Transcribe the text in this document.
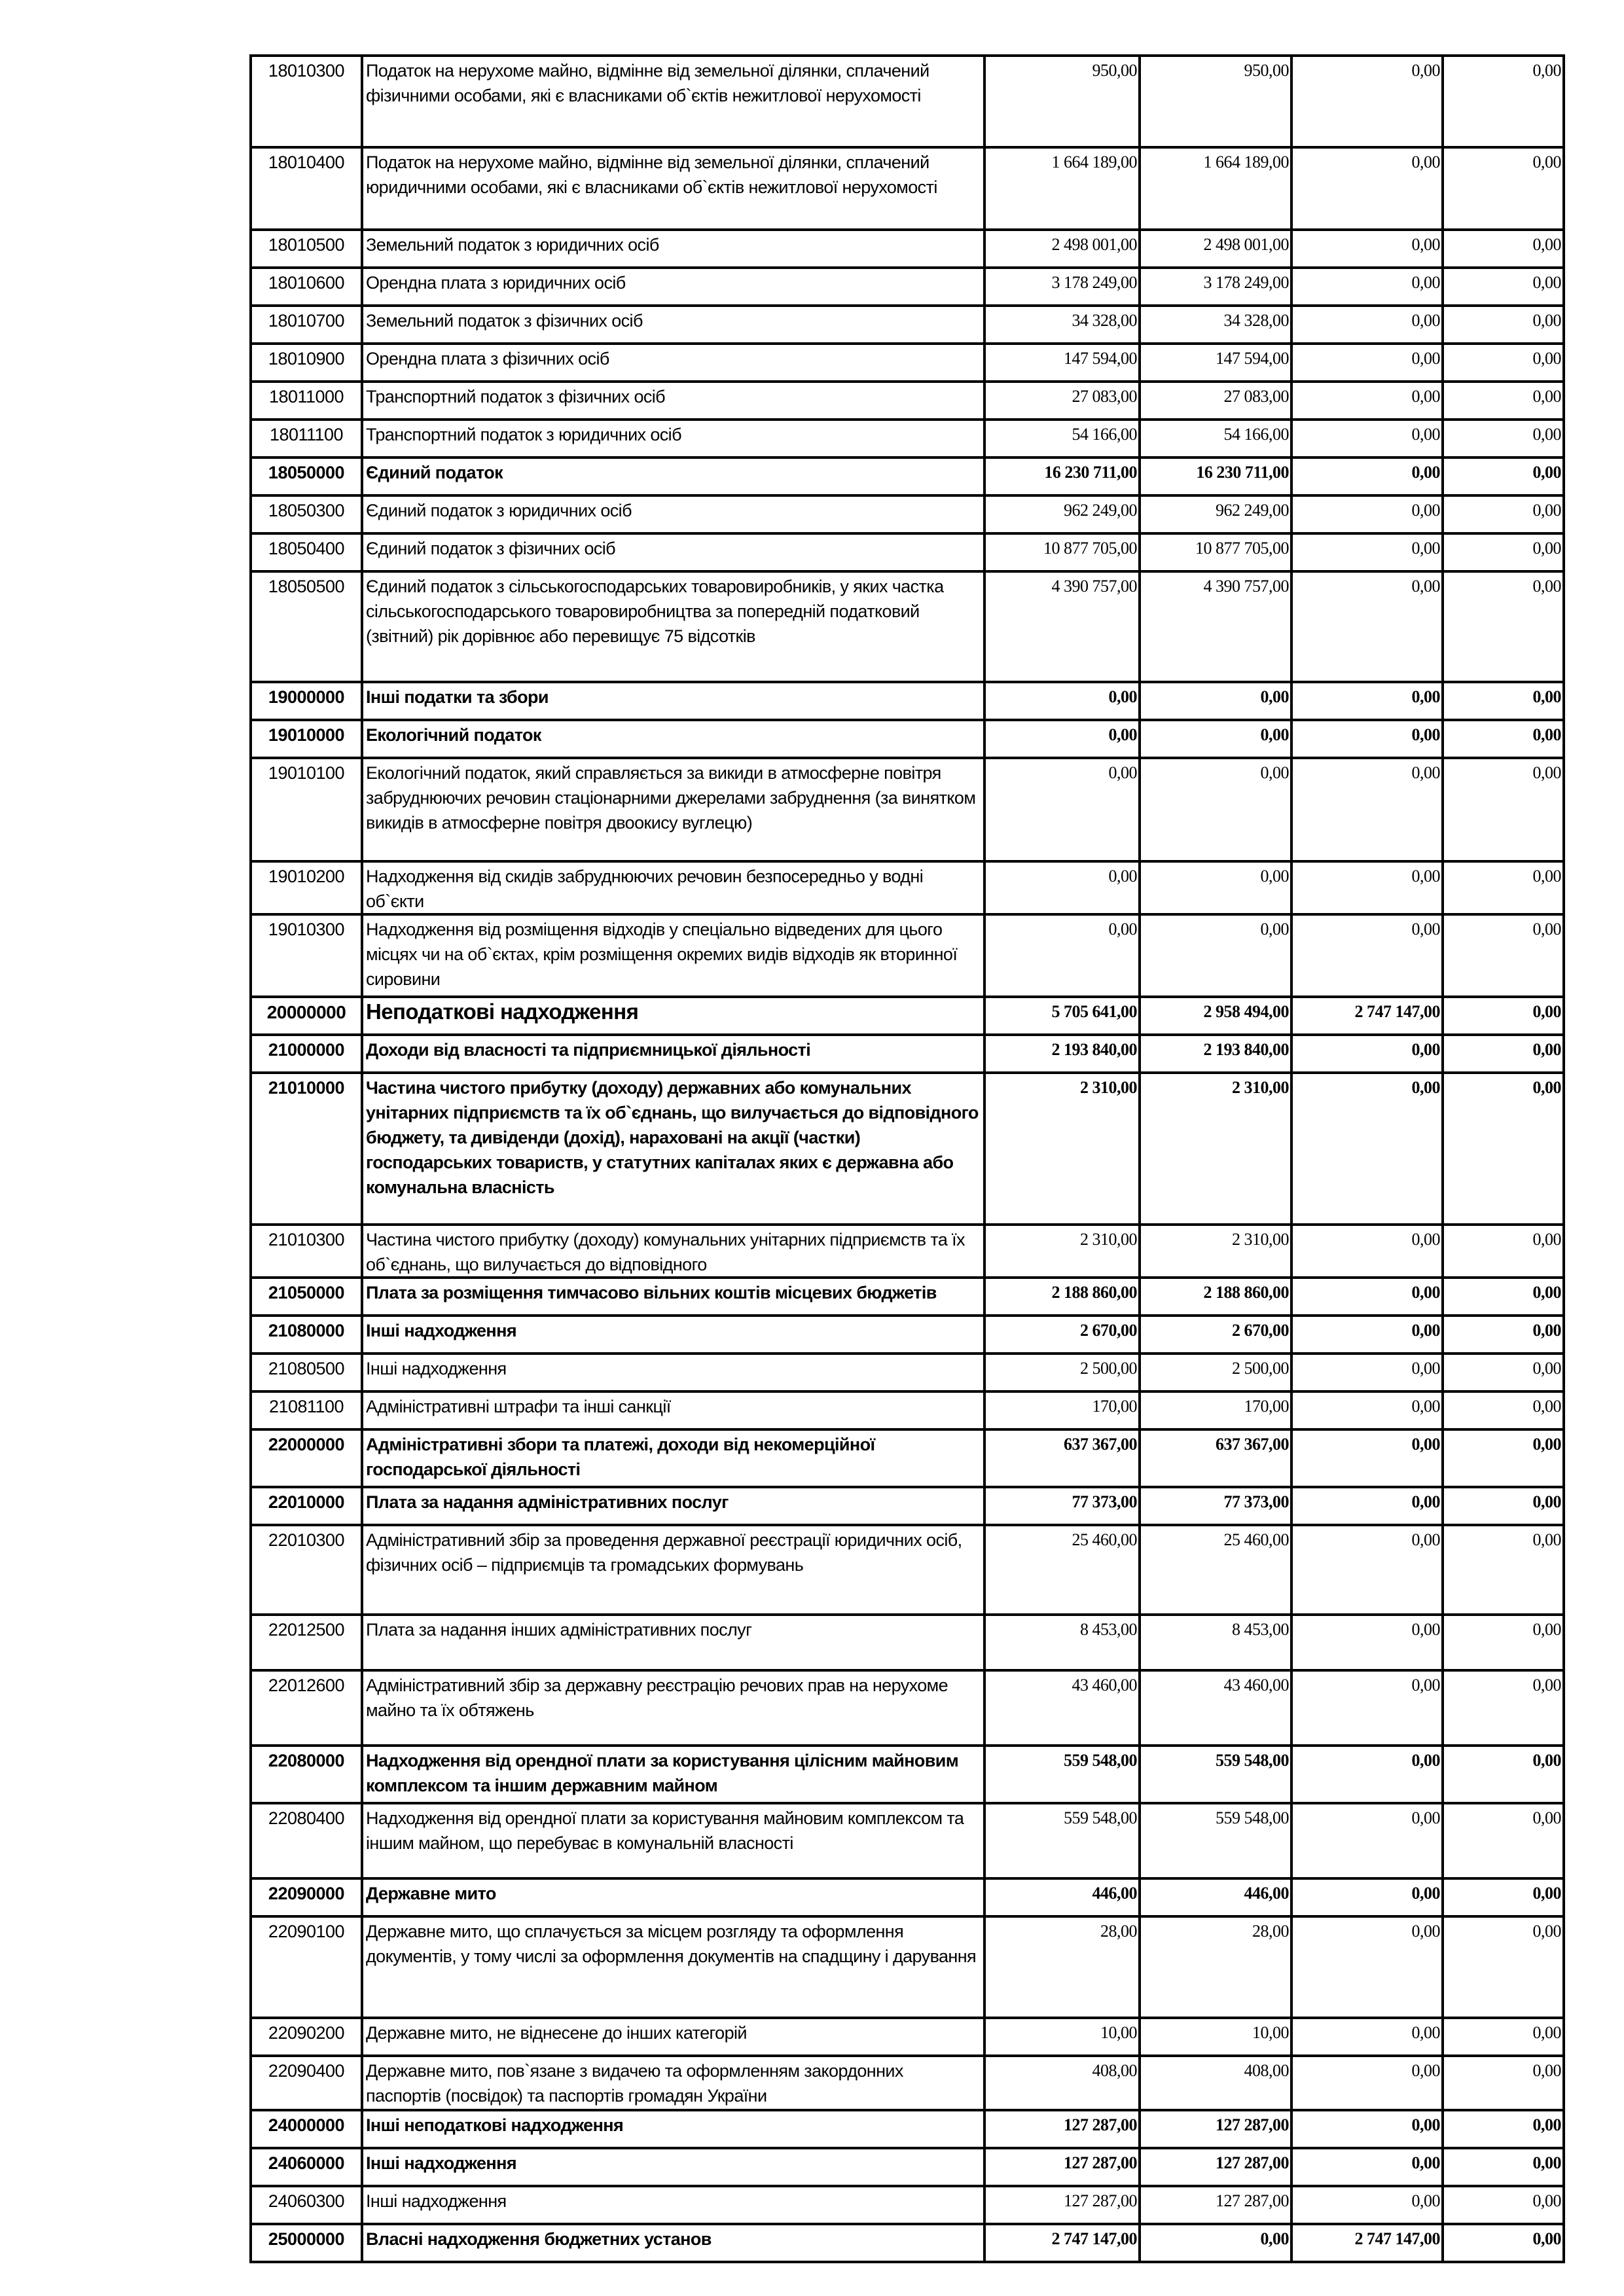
18010300	Податок на нерухоме майно, відмінне від земельної ділянки, сплачений фізичними особами, які є власниками об`єктів нежитлової нерухомості	950,00	950,00	0,00	0,00

18010400	Податок на нерухоме майно, відмінне від земельної ділянки, сплачений юридичними особами, які є власниками об`єктів нежитлової нерухомості	1 664 189,00	1 664 189,00	0,00	0,00

18010500	Земельний податок з юридичних осіб	2 498 001,00	2 498 001,00	0,00	0,00

18010600	Орендна плата з юридичних осіб	3 178 249,00	3 178 249,00	0,00	0,00

18010700	Земельний податок з фізичних осіб	34 328,00	34 328,00	0,00	0,00

18010900	Орендна плата з фізичних осіб	147 594,00	147 594,00	0,00	0,00

18011000	Транспортний податок з фізичних осіб	27 083,00	27 083,00	0,00	0,00

18011100	Транспортний податок з юридичних осіб	54 166,00	54 166,00	0,00	0,00

18050000	Єдиний податок	16 230 711,00	16 230 711,00	0,00	0,00

18050300	Єдиний податок з юридичних осіб	962 249,00	962 249,00	0,00	0,00

18050400	Єдиний податок з фізичних осіб	10 877 705,00	10 877 705,00	0,00	0,00

18050500	Єдиний податок з сільськогосподарських товаровиробників, у яких частка сільськогосподарського товаровиробництва за попередній податковий (звітний) рік дорівнює або перевищує 75 відсотків	4 390 757,00	4 390 757,00	0,00	0,00

19000000	Інші податки та збори	0,00	0,00	0,00	0,00

19010000	Екологічний податок	0,00	0,00	0,00	0,00

19010100	Екологічний податок, який справляється за викиди в атмосферне повітря забруднюючих речовин стаціонарними джерелами забруднення (за винятком викидів в атмосферне повітря двоокису вуглецю)	0,00	0,00	0,00	0,00

19010200	Надходження від скидів забруднюючих речовин безпосередньо у водні об`єкти	0,00	0,00	0,00	0,00

19010300	Надходження від розміщення відходів у спеціально відведених для цього місцях чи на об`єктах, крім розміщення окремих видів відходів як вторинної сировини	0,00	0,00	0,00	0,00

20000000	Неподаткові надходження	5 705 641,00	2 958 494,00	2 747 147,00	0,00

21000000	Доходи від власності та підприємницької діяльності	2 193 840,00	2 193 840,00	0,00	0,00

21010000	Частина чистого прибутку (доходу) державних або комунальних унітарних підприємств та їх об`єднань, що вилучається до відповідного бюджету, та дивіденди (дохід), нараховані на акції (частки) господарських товариств, у статутних капіталах яких є державна або комунальна власність	2 310,00	2 310,00	0,00	0,00

21010300	Частина чистого прибутку (доходу) комунальних унітарних підприємств та їх об`єднань, що вилучається до відповідного	2 310,00	2 310,00	0,00	0,00

21050000	Плата за розміщення тимчасово вільних коштів місцевих бюджетів	2 188 860,00	2 188 860,00	0,00	0,00

21080000	Інші надходження	2 670,00	2 670,00	0,00	0,00

21080500	Інші надходження	2 500,00	2 500,00	0,00	0,00

21081100	Адміністративні штрафи та інші санкції	170,00	170,00	0,00	0,00

22000000	Адміністративні збори та платежі, доходи від некомерційної господарської діяльності	637 367,00	637 367,00	0,00	0,00

22010000	Плата за надання адміністративних послуг	77 373,00	77 373,00	0,00	0,00

22010300	Адміністративний збір за проведення державної реєстрації юридичних осіб, фізичних осіб – підприємців та громадських формувань	25 460,00	25 460,00	0,00	0,00

22012500	Плата за надання інших адміністративних послуг	8 453,00	8 453,00	0,00	0,00

22012600	Адміністративний збір за державну реєстрацію речових прав на нерухоме майно та їх обтяжень	43 460,00	43 460,00	0,00	0,00

22080000	Надходження від орендної плати за користування цілісним майновим комплексом та іншим державним майном	559 548,00	559 548,00	0,00	0,00

22080400	Надходження від орендної плати за користування майновим комплексом та іншим майном, що перебуває в комунальній власності	559 548,00	559 548,00	0,00	0,00

22090000	Державне мито	446,00	446,00	0,00	0,00

22090100	Державне мито, що сплачується за місцем розгляду та оформлення документів, у тому числі за оформлення документів на спадщину і дарування	28,00	28,00	0,00	0,00

22090200	Державне мито, не віднесене до інших категорій	10,00	10,00	0,00	0,00

22090400	Державне мито, пов`язане з видачею та оформленням закордонних паспортів (посвідок) та паспортів громадян України	408,00	408,00	0,00	0,00

24000000	Інші неподаткові надходження	127 287,00	127 287,00	0,00	0,00

24060000	Інші надходження	127 287,00	127 287,00	0,00	0,00

24060300	Інші надходження	127 287,00	127 287,00	0,00	0,00

25000000	Власні надходження бюджетних установ	2 747 147,00	0,00	2 747 147,00	0,00
